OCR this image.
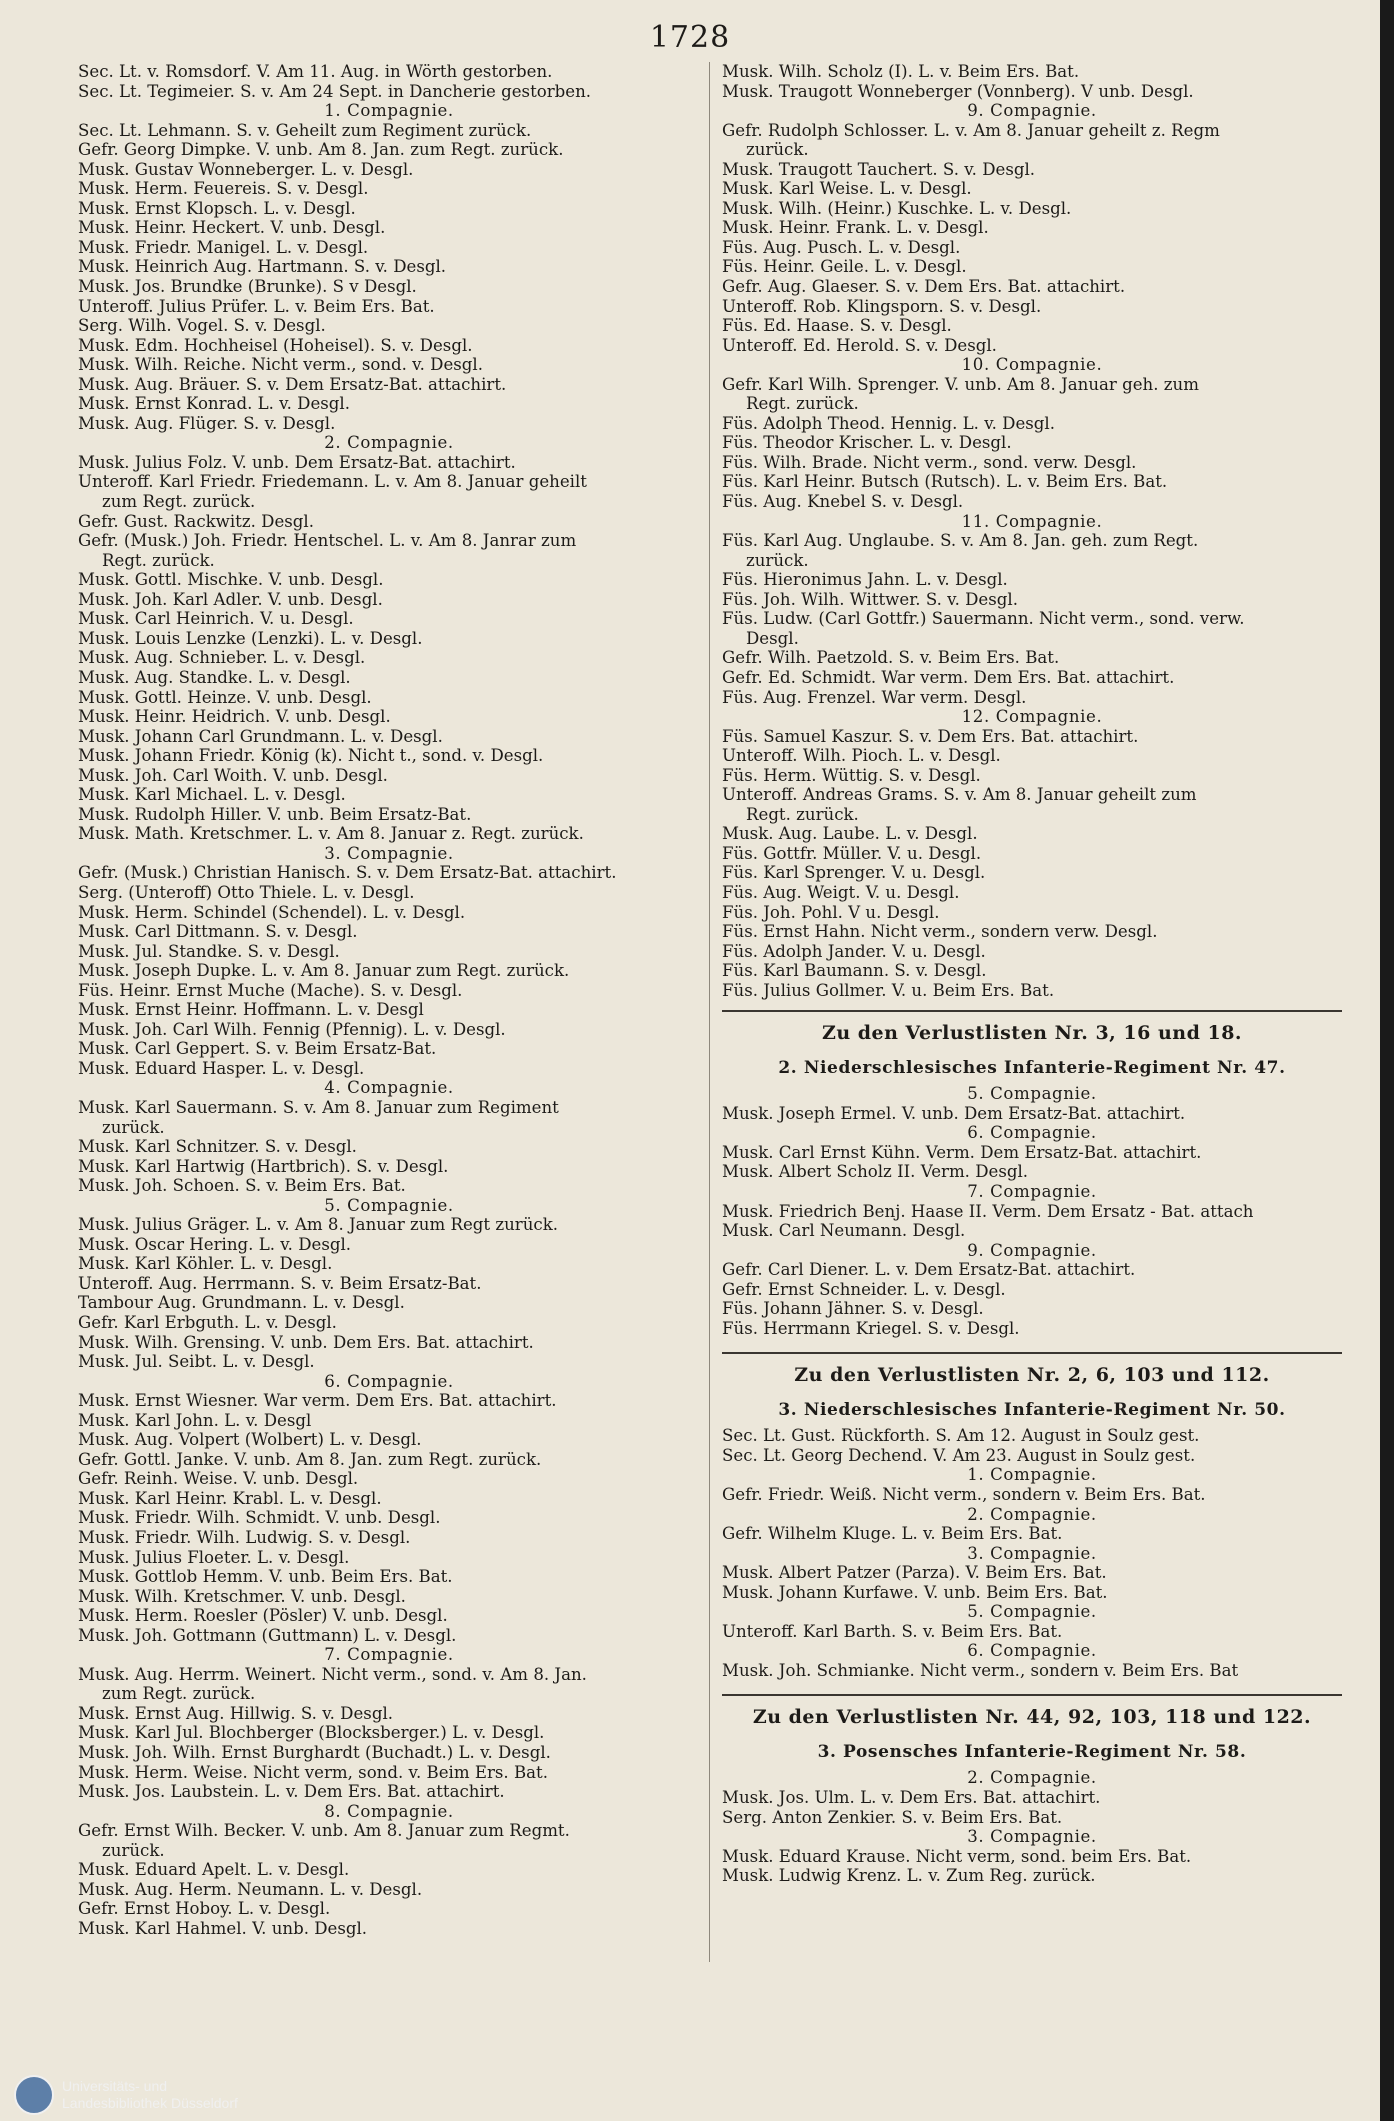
1728
Sec. Lt. v. Romsdorf. V. Am 11. Aug. in Wörth gestorben.
Sec. Lt. Tegimeier. S. v. Am 24 Sept. in Dancherie gestorben.
1. Compagnie.
Sec. Lt. Lehmann. S. v. Geheilt zum Regiment zurück.
Gefr. Georg Dimpke. V. unb. Am 8. Jan. zum Regt. zurück.
Musk. Gustav Wonneberger. L. v. Desgl.
Musk. Herm. Feuereis. S. v. Desgl.
Musk. Ernst Klopsch. L. v. Desgl.
Musk. Heinr. Heckert. V. unb. Desgl.
Musk. Friedr. Manigel. L. v. Desgl.
Musk. Heinrich Aug. Hartmann. S. v. Desgl.
Musk. Jos. Brundke (Brunke). S v Desgl.
Unteroff. Julius Prüfer. L. v. Beim Ers. Bat.
Serg. Wilh. Vogel. S. v. Desgl.
Musk. Edm. Hochheisel (Hoheisel). S. v. Desgl.
Musk. Wilh. Reiche. Nicht verm., sond. v. Desgl.
Musk. Aug. Bräuer. S. v. Dem Ersatz-Bat. attachirt.
Musk. Ernst Konrad. L. v. Desgl.
Musk. Aug. Flüger. S. v. Desgl.
2. Compagnie.
Musk. Julius Folz. V. unb. Dem Ersatz-Bat. attachirt.
Unteroff. Karl Friedr. Friedemann. L. v. Am 8. Januar geheilt
zum Regt. zurück.
Gefr. Gust. Rackwitz. Desgl.
Gefr. (Musk.) Joh. Friedr. Hentschel. L. v. Am 8. Janrar zum
Regt. zurück.
Musk. Gottl. Mischke. V. unb. Desgl.
Musk. Joh. Karl Adler. V. unb. Desgl.
Musk. Carl Heinrich. V. u. Desgl.
Musk. Louis Lenzke (Lenzki). L. v. Desgl.
Musk. Aug. Schnieber. L. v. Desgl.
Musk. Aug. Standke. L. v. Desgl.
Musk. Gottl. Heinze. V. unb. Desgl.
Musk. Heinr. Heidrich. V. unb. Desgl.
Musk. Johann Carl Grundmann. L. v. Desgl.
Musk. Johann Friedr. König (k). Nicht t., sond. v. Desgl.
Musk. Joh. Carl Woith. V. unb. Desgl.
Musk. Karl Michael. L. v. Desgl.
Musk. Rudolph Hiller. V. unb. Beim Ersatz-Bat.
Musk. Math. Kretschmer. L. v. Am 8. Januar z. Regt. zurück.
3. Compagnie.
Gefr. (Musk.) Christian Hanisch. S. v. Dem Ersatz-Bat. attachirt.
Serg. (Unteroff) Otto Thiele. L. v. Desgl.
Musk. Herm. Schindel (Schendel). L. v. Desgl.
Musk. Carl Dittmann. S. v. Desgl.
Musk. Jul. Standke. S. v. Desgl.
Musk. Joseph Dupke. L. v. Am 8. Januar zum Regt. zurück.
Füs. Heinr. Ernst Muche (Mache). S. v. Desgl.
Musk. Ernst Heinr. Hoffmann. L. v. Desgl
Musk. Joh. Carl Wilh. Fennig (Pfennig). L. v. Desgl.
Musk. Carl Geppert. S. v. Beim Ersatz-Bat.
Musk. Eduard Hasper. L. v. Desgl.
4. Compagnie.
Musk. Karl Sauermann. S. v. Am 8. Januar zum Regiment
zurück.
Musk. Karl Schnitzer. S. v. Desgl.
Musk. Karl Hartwig (Hartbrich). S. v. Desgl.
Musk. Joh. Schoen. S. v. Beim Ers. Bat.
5. Compagnie.
Musk. Julius Gräger. L. v. Am 8. Januar zum Regt zurück.
Musk. Oscar Hering. L. v. Desgl.
Musk. Karl Köhler. L. v. Desgl.
Unteroff. Aug. Herrmann. S. v. Beim Ersatz-Bat.
Tambour Aug. Grundmann. L. v. Desgl.
Gefr. Karl Erbguth. L. v. Desgl.
Musk. Wilh. Grensing. V. unb. Dem Ers. Bat. attachirt.
Musk. Jul. Seibt. L. v. Desgl.
6. Compagnie.
Musk. Ernst Wiesner. War verm. Dem Ers. Bat. attachirt.
Musk. Karl John. L. v. Desgl
Musk. Aug. Volpert (Wolbert) L. v. Desgl.
Gefr. Gottl. Janke. V. unb. Am 8. Jan. zum Regt. zurück.
Gefr. Reinh. Weise. V. unb. Desgl.
Musk. Karl Heinr. Krabl. L. v. Desgl.
Musk. Friedr. Wilh. Schmidt. V. unb. Desgl.
Musk. Friedr. Wilh. Ludwig. S. v. Desgl.
Musk. Julius Floeter. L. v. Desgl.
Musk. Gottlob Hemm. V. unb. Beim Ers. Bat.
Musk. Wilh. Kretschmer. V. unb. Desgl.
Musk. Herm. Roesler (Pösler) V. unb. Desgl.
Musk. Joh. Gottmann (Guttmann) L. v. Desgl.
7. Compagnie.
Musk. Aug. Herrm. Weinert. Nicht verm., sond. v. Am 8. Jan.
zum Regt. zurück.
Musk. Ernst Aug. Hillwig. S. v. Desgl.
Musk. Karl Jul. Blochberger (Blocksberger.) L. v. Desgl.
Musk. Joh. Wilh. Ernst Burghardt (Buchadt.) L. v. Desgl.
Musk. Herm. Weise. Nicht verm, sond. v. Beim Ers. Bat.
Musk. Jos. Laubstein. L. v. Dem Ers. Bat. attachirt.
8. Compagnie.
Gefr. Ernst Wilh. Becker. V. unb. Am 8. Januar zum Regmt.
zurück.
Musk. Eduard Apelt. L. v. Desgl.
Musk. Aug. Herm. Neumann. L. v. Desgl.
Gefr. Ernst Hoboy. L. v. Desgl.
Musk. Karl Hahmel. V. unb. Desgl.
Musk. Wilh. Scholz (I). L. v. Beim Ers. Bat.
Musk. Traugott Wonneberger (Vonnberg). V unb. Desgl.
9. Compagnie.
Gefr. Rudolph Schlosser. L. v. Am 8. Januar geheilt z. Regm
zurück.
Musk. Traugott Tauchert. S. v. Desgl.
Musk. Karl Weise. L. v. Desgl.
Musk. Wilh. (Heinr.) Kuschke. L. v. Desgl.
Musk. Heinr. Frank. L. v. Desgl.
Füs. Aug. Pusch. L. v. Desgl.
Füs. Heinr. Geile. L. v. Desgl.
Gefr. Aug. Glaeser. S. v. Dem Ers. Bat. attachirt.
Unteroff. Rob. Klingsporn. S. v. Desgl.
Füs. Ed. Haase. S. v. Desgl.
Unteroff. Ed. Herold. S. v. Desgl.
10. Compagnie.
Gefr. Karl Wilh. Sprenger. V. unb. Am 8. Januar geh. zum
Regt. zurück.
Füs. Adolph Theod. Hennig. L. v. Desgl.
Füs. Theodor Krischer. L. v. Desgl.
Füs. Wilh. Brade. Nicht verm., sond. verw. Desgl.
Füs. Karl Heinr. Butsch (Rutsch). L. v. Beim Ers. Bat.
Füs. Aug. Knebel S. v. Desgl.
11. Compagnie.
Füs. Karl Aug. Unglaube. S. v. Am 8. Jan. geh. zum Regt.
zurück.
Füs. Hieronimus Jahn. L. v. Desgl.
Füs. Joh. Wilh. Wittwer. S. v. Desgl.
Füs. Ludw. (Carl Gottfr.) Sauermann. Nicht verm., sond. verw.
Desgl.
Gefr. Wilh. Paetzold. S. v. Beim Ers. Bat.
Gefr. Ed. Schmidt. War verm. Dem Ers. Bat. attachirt.
Füs. Aug. Frenzel. War verm. Desgl.
12. Compagnie.
Füs. Samuel Kaszur. S. v. Dem Ers. Bat. attachirt.
Unteroff. Wilh. Pioch. L. v. Desgl.
Füs. Herm. Wüttig. S. v. Desgl.
Unteroff. Andreas Grams. S. v. Am 8. Januar geheilt zum
Regt. zurück.
Musk. Aug. Laube. L. v. Desgl.
Füs. Gottfr. Müller. V. u. Desgl.
Füs. Karl Sprenger. V. u. Desgl.
Füs. Aug. Weigt. V. u. Desgl.
Füs. Joh. Pohl. V u. Desgl.
Füs. Ernst Hahn. Nicht verm., sondern verw. Desgl.
Füs. Adolph Jander. V. u. Desgl.
Füs. Karl Baumann. S. v. Desgl.
Füs. Julius Gollmer. V. u. Beim Ers. Bat.
Zu den Verlustlisten Nr. 3, 16 und 18.
2. Niederschlesisches Infanterie-Regiment Nr. 47.
5. Compagnie.
Musk. Joseph Ermel. V. unb. Dem Ersatz-Bat. attachirt.
6. Compagnie.
Musk. Carl Ernst Kühn. Verm. Dem Ersatz-Bat. attachirt.
Musk. Albert Scholz II. Verm. Desgl.
7. Compagnie.
Musk. Friedrich Benj. Haase II. Verm. Dem Ersatz - Bat. attach
Musk. Carl Neumann. Desgl.
9. Compagnie.
Gefr. Carl Diener. L. v. Dem Ersatz-Bat. attachirt.
Gefr. Ernst Schneider. L. v. Desgl.
Füs. Johann Jähner. S. v. Desgl.
Füs. Herrmann Kriegel. S. v. Desgl.
Zu den Verlustlisten Nr. 2, 6, 103 und 112.
3. Niederschlesisches Infanterie-Regiment Nr. 50.
Sec. Lt. Gust. Rückforth. S. Am 12. August in Soulz gest.
Sec. Lt. Georg Dechend. V. Am 23. August in Soulz gest.
1. Compagnie.
Gefr. Friedr. Weiß. Nicht verm., sondern v. Beim Ers. Bat.
2. Compagnie.
Gefr. Wilhelm Kluge. L. v. Beim Ers. Bat.
3. Compagnie.
Musk. Albert Patzer (Parza). V. Beim Ers. Bat.
Musk. Johann Kurfawe. V. unb. Beim Ers. Bat.
5. Compagnie.
Unteroff. Karl Barth. S. v. Beim Ers. Bat.
6. Compagnie.
Musk. Joh. Schmianke. Nicht verm., sondern v. Beim Ers. Bat
Zu den Verlustlisten Nr. 44, 92, 103, 118 und 122.
3. Posensches Infanterie-Regiment Nr. 58.
2. Compagnie.
Musk. Jos. Ulm. L. v. Dem Ers. Bat. attachirt.
Serg. Anton Zenkier. S. v. Beim Ers. Bat.
3. Compagnie.
Musk. Eduard Krause. Nicht verm, sond. beim Ers. Bat.
Musk. Ludwig Krenz. L. v. Zum Reg. zurück.
Universitäts- und
Landesbibliothek Düsseldorf
